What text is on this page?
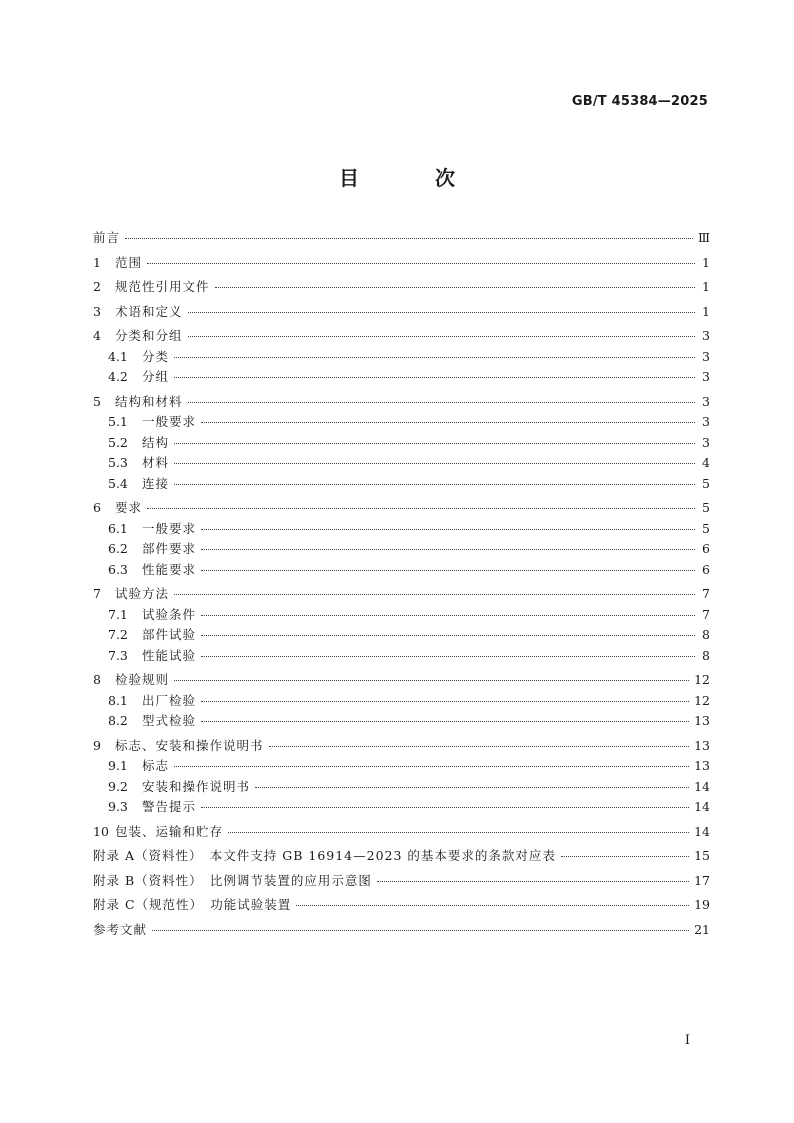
GB/T 45384—2025
目　次
前言	Ⅲ
1	范围	1
2	规范性引用文件	1
3	术语和定义	1
4	分类和分组	3
4.1	分类	3
4.2	分组	3
5	结构和材料	3
5.1	一般要求	3
5.2	结构	3
5.3	材料	4
5.4	连接	5
6	要求	5
6.1	一般要求	5
6.2	部件要求	6
6.3	性能要求	6
7	试验方法	7
7.1	试验条件	7
7.2	部件试验	8
7.3	性能试验	8
8	检验规则	12
8.1	出厂检验	12
8.2	型式检验	13
9	标志、安装和操作说明书	13
9.1	标志	13
9.2	安装和操作说明书	14
9.3	警告提示	14
10 包装、运输和贮存	14
附录 A（资料性）　本文件支持 GB 16914—2023 的基本要求的条款对应表	15
附录 B（资料性）　比例调节装置的应用示意图	17
附录 C（规范性）　功能试验装置	19
参考文献	21
I
